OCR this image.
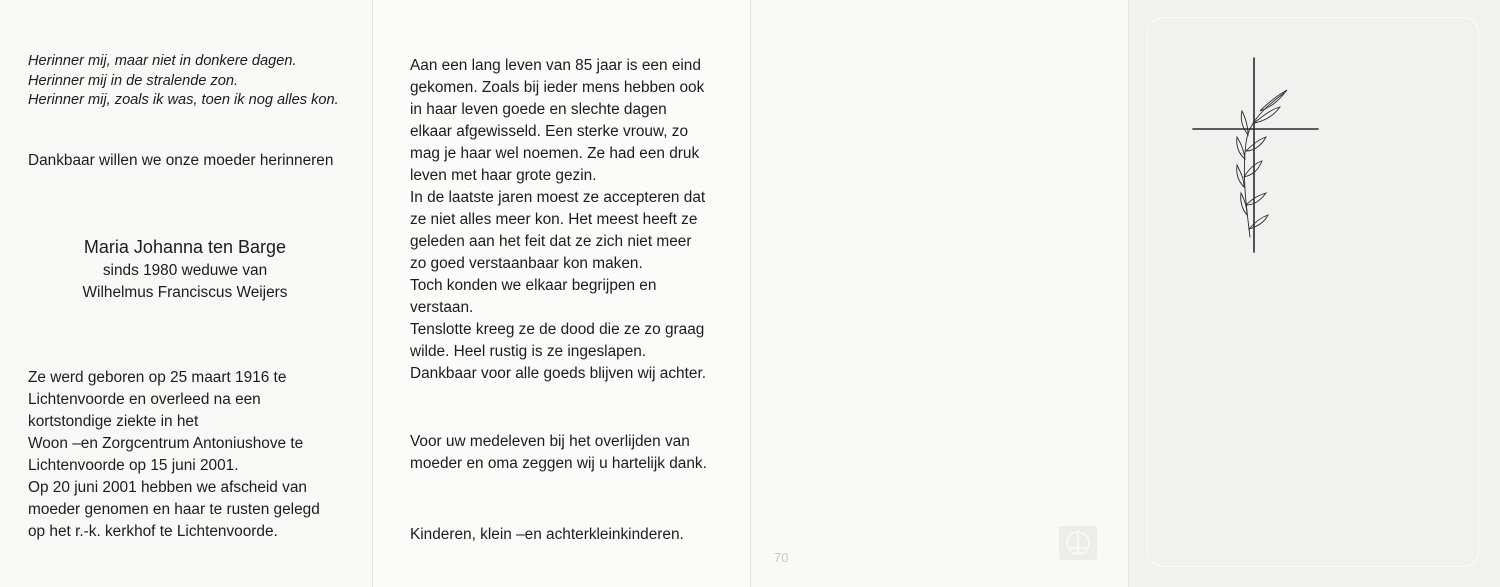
Herinner mij, maar niet in donkere dagen.
Herinner mij in de stralende zon.
Herinner mij, zoals ik was, toen ik nog alles kon.
Dankbaar willen we onze moeder herinneren
Maria Johanna ten Barge
sinds 1980 weduwe van
Wilhelmus Franciscus Weijers
Ze werd geboren op 25 maart 1916 te
Lichtenvoorde en overleed na een
kortstondige ziekte in het
Woon –en Zorgcentrum Antoniushove te
Lichtenvoorde op 15 juni 2001.
Op 20 juni 2001 hebben we afscheid van
moeder genomen en haar te rusten gelegd
op het r.-k. kerkhof te Lichtenvoorde.
Aan een lang leven van 85 jaar is een eind
gekomen. Zoals bij ieder mens hebben ook
in haar leven goede en slechte dagen
elkaar afgewisseld. Een sterke vrouw, zo
mag je haar wel noemen. Ze had een druk
leven met haar grote gezin.
In de laatste jaren moest ze accepteren dat
ze niet alles meer kon. Het meest heeft ze
geleden aan het feit dat ze zich niet meer
zo goed verstaanbaar kon maken.
Toch konden we elkaar begrijpen en
verstaan.
Tenslotte kreeg ze de dood die ze zo graag
wilde. Heel rustig is ze ingeslapen.
Dankbaar voor alle goeds blijven wij achter.
Voor uw medeleven bij het overlijden van
moeder en oma zeggen wij u hartelijk dank.
Kinderen, klein –en achterkleinkinderen.
70
